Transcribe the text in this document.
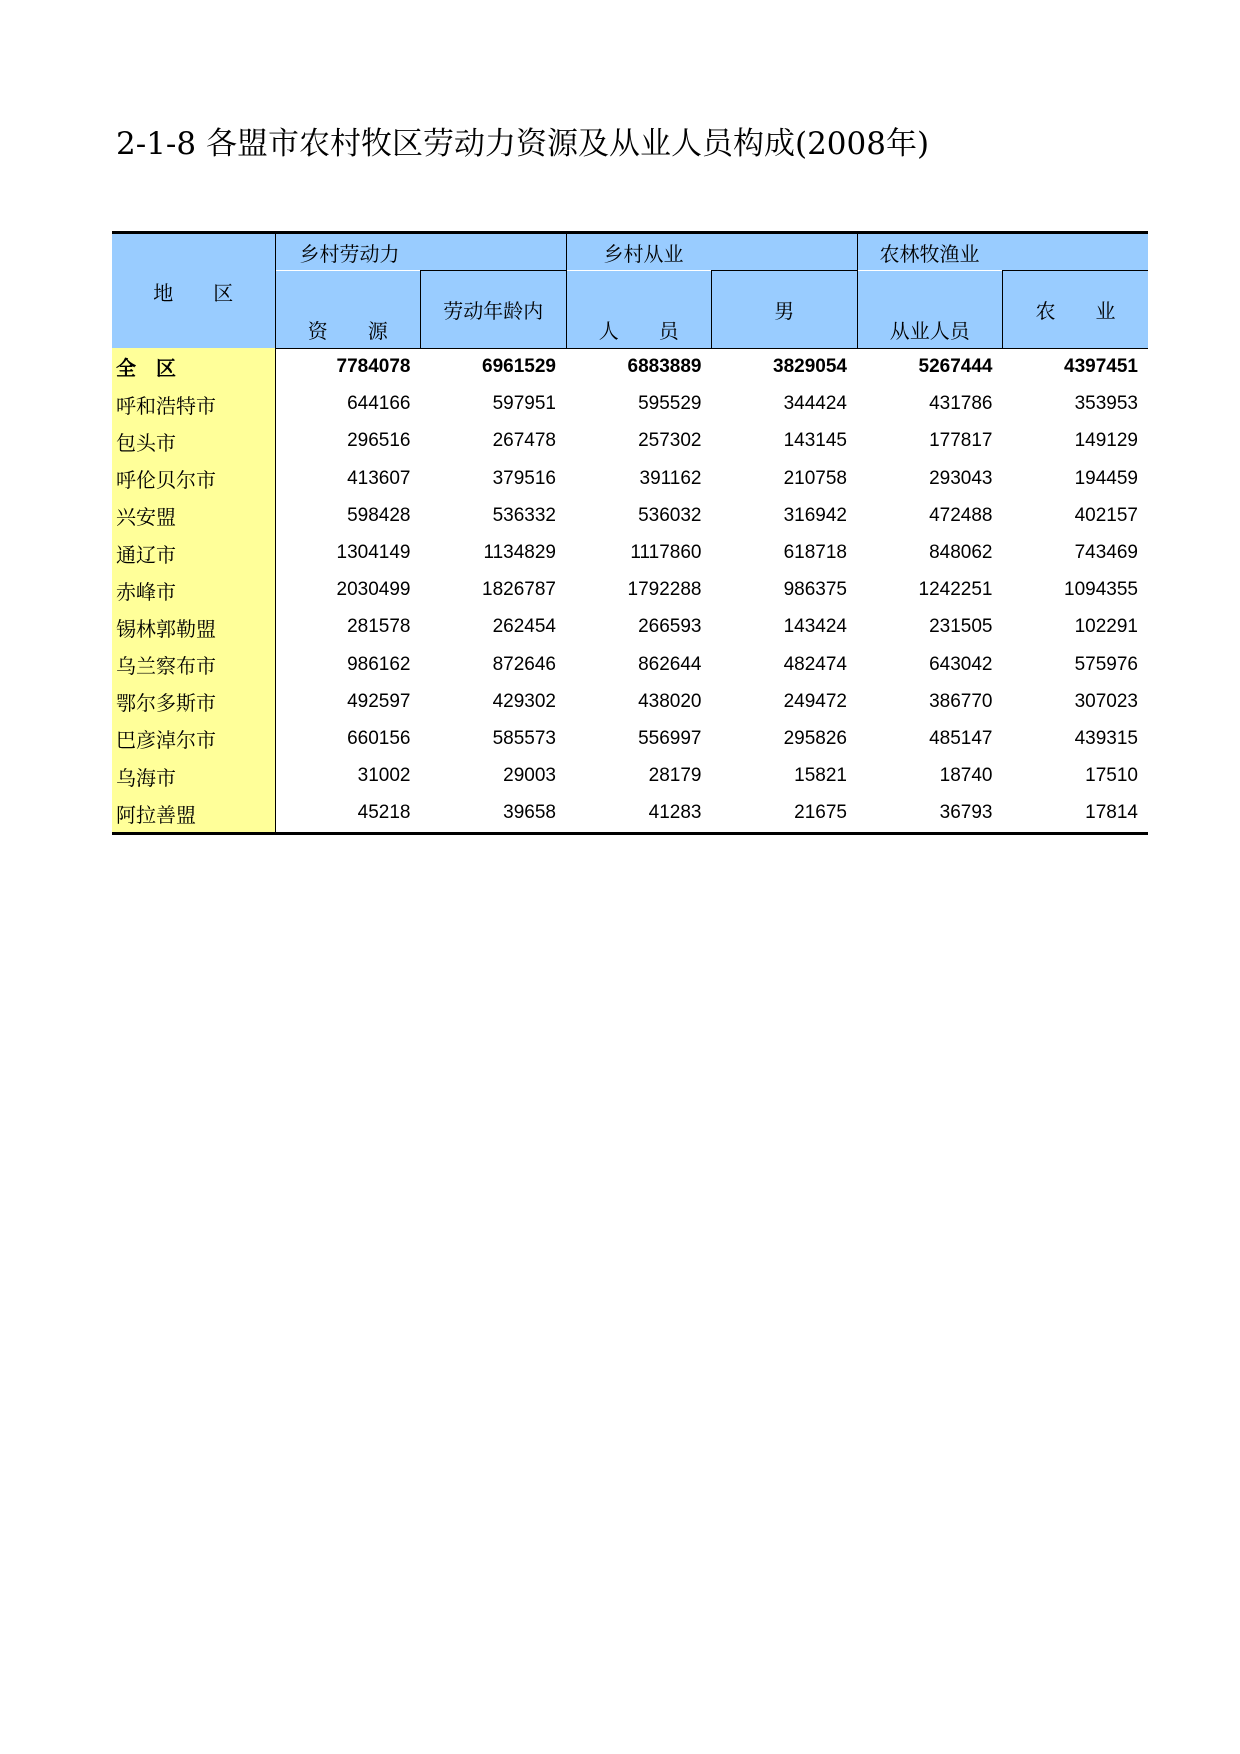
2-1-8 各盟市农村牧区劳动力资源及从业人员构成(2008年)
地　　区	乡村劳动力		乡村从业		农林牧渔业	
	资　　源	劳动年龄内	人　　员	男	从业人员	农　　业
全　区	7784078	6961529	6883889	3829054	5267444	4397451
呼和浩特市	644166	597951	595529	344424	431786	353953
包头市	296516	267478	257302	143145	177817	149129
呼伦贝尔市	413607	379516	391162	210758	293043	194459
兴安盟	598428	536332	536032	316942	472488	402157
通辽市	1304149	1134829	1117860	618718	848062	743469
赤峰市	2030499	1826787	1792288	986375	1242251	1094355
锡林郭勒盟	281578	262454	266593	143424	231505	102291
乌兰察布市	986162	872646	862644	482474	643042	575976
鄂尔多斯市	492597	429302	438020	249472	386770	307023
巴彦淖尔市	660156	585573	556997	295826	485147	439315
乌海市	31002	29003	28179	15821	18740	17510
阿拉善盟	45218	39658	41283	21675	36793	17814
